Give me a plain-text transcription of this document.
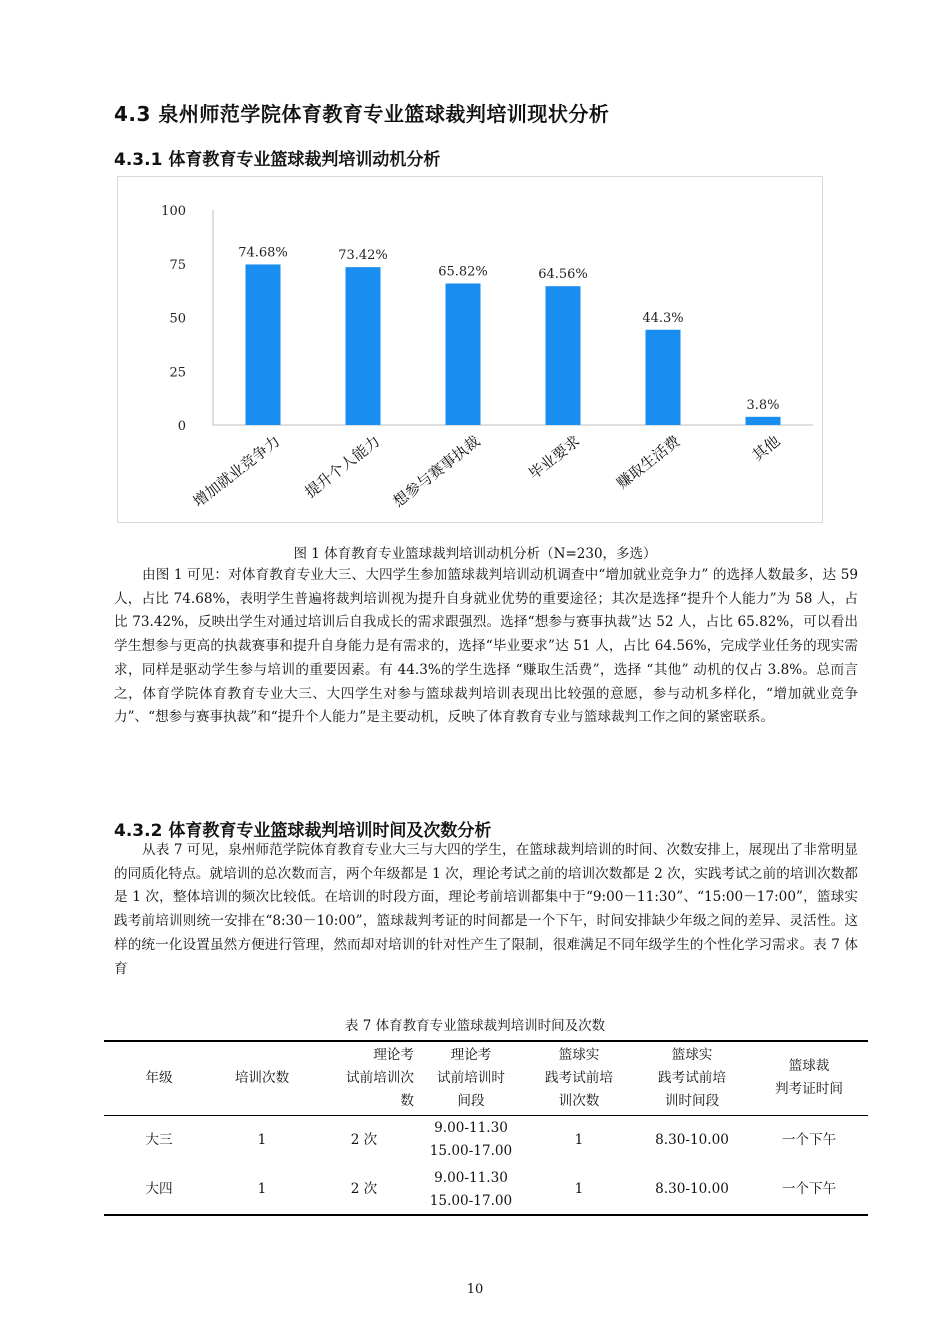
4.3 泉州师范学院体育教育专业篮球裁判培训现状分析
4.3.1 体育教育专业篮球裁判培训动机分析
0
25
50
75
100
74.68%
增加就业竞争力
73.42%
提升个人能力
65.82%
想参与赛事执裁
64.56%
毕业要求
44.3%
赚取生活费
3.8%
其他
图 1 体育教育专业篮球裁判培训动机分析（N=230，多选）

由图 1 可见：对体育教育专业大三、大四学生参加篮球裁判培训动机调查中“增加就业竞争力” 的选择人数最多，达 59 人，占比 74.68%，表明学生普遍将裁判培训视为提升自身就业优势的重要途径；其次是选择“提升个人能力”为 58 人，占比 73.42%，反映出学生对通过培训后自我成长的需求跟强烈。选择“想参与赛事执裁”达 52 人，占比 65.82%，可以看出学生想参与更高的执裁赛事和提升自身能力是有需求的，选择“毕业要求”达 51 人，占比 64.56%，完成学业任务的现实需求，同样是驱动学生参与培训的重要因素。有 44.3%的学生选择 “赚取生活费”，选择 “其他” 动机的仅占 3.8%。总而言之，体育学院体育教育专业大三、大四学生对参与篮球裁判培训表现出比较强的意愿，参与动机多样化，“增加就业竞争力”、“想参与赛事执裁”和“提升个人能力”是主要动机，反映了体育教育专业与篮球裁判工作之间的紧密联系。

4.3.2 体育教育专业篮球裁判培训时间及次数分析

从表 7 可见，泉州师范学院体育教育专业大三与大四的学生，在篮球裁判培训的时间、次数安排上，展现出了非常明显的同质化特点。就培训的总次数而言，两个年级都是 1 次，理论考试之前的培训次数都是 2 次，实践考试之前的培训次数都是 1 次，整体培训的频次比较低。在培训的时段方面，理论考前培训都集中于“9:00－11:30”、“15:00－17:00”，篮球实践考前培训则统一安排在“8:30－10:00”，篮球裁判考证的时间都是一个下午，时间安排缺少年级之间的差异、灵活性。这样的统一化设置虽然方便进行管理，然而却对培训的针对性产生了限制，很难满足不同年级学生的个性化学习需求。表 7 体育

表 7 体育教育专业篮球裁判培训时间及次数
年级	培训次数	理论考
试前培训次
数	理论考
试前培训时
间段	篮球实
践考试前培
训次数	篮球实
践考试前培
训时间段	篮球裁
判考证时间
大三	1	2 次	9.00-11.30
15.00-17.00	1	8.30-10.00	一个下午
大四	1	2 次	9.00-11.30
15.00-17.00	1	8.30-10.00	一个下午
10
